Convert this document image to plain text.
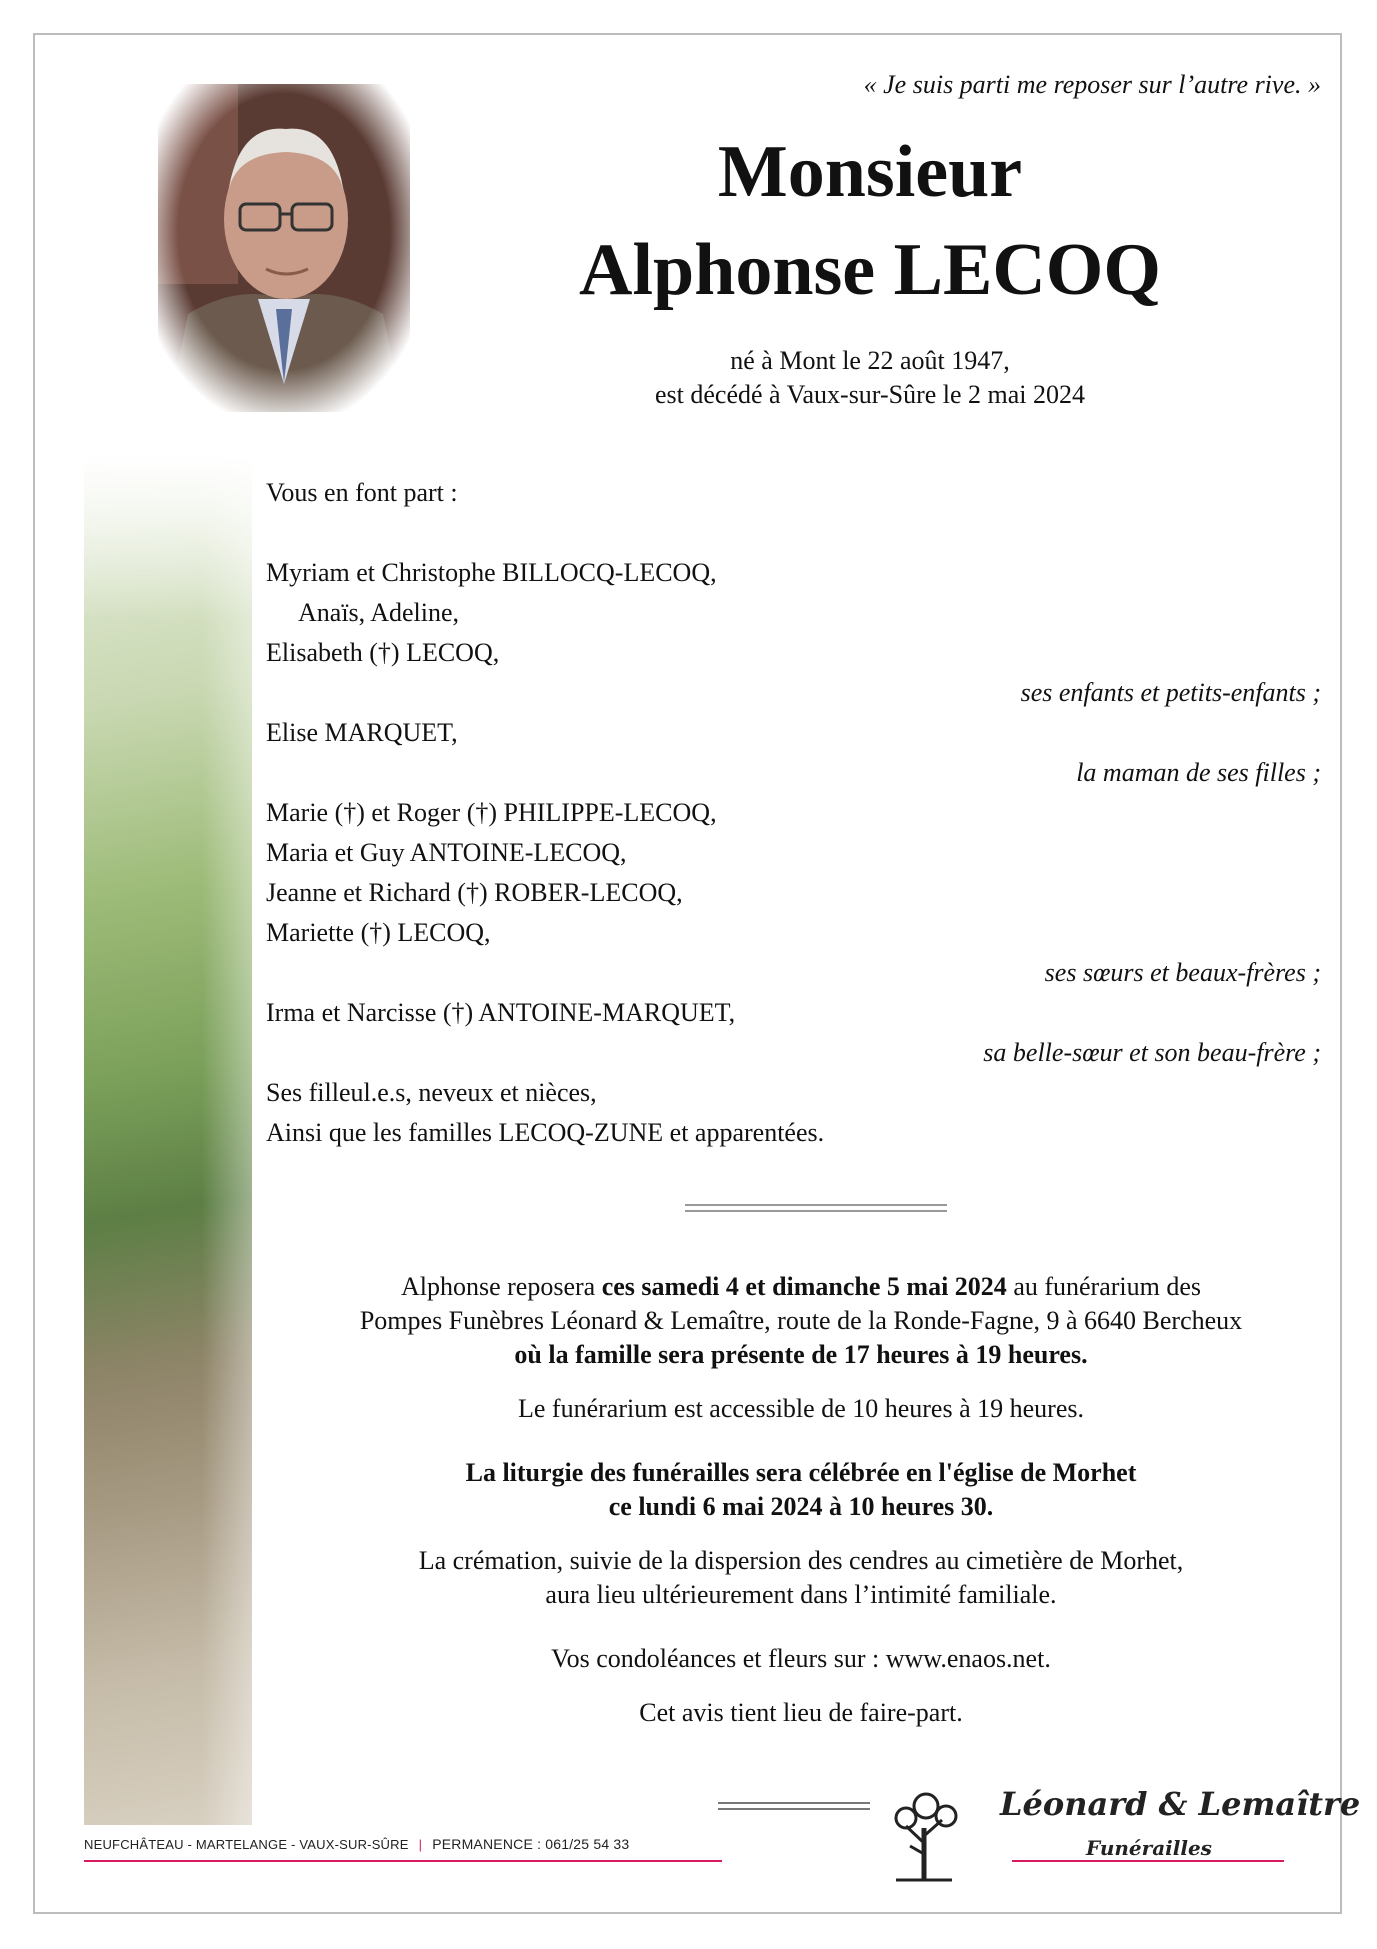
« Je suis parti me reposer sur l’autre rive. »
Monsieur
Alphonse LECOQ
né à Mont le 22 août 1947,
est décédé à Vaux-sur-Sûre le 2 mai 2024
Vous en font part :
Myriam et Christophe BILLOCQ-LECOQ,
Anaïs, Adeline,
Elisabeth (†) LECOQ,
ses enfants et petits-enfants ;
Elise MARQUET,
la maman de ses filles ;
Marie (†) et Roger (†) PHILIPPE-LECOQ,
Maria et Guy ANTOINE-LECOQ,
Jeanne et Richard (†) ROBER-LECOQ,
Mariette (†) LECOQ,
ses sœurs et beaux-frères ;
Irma et Narcisse (†) ANTOINE-MARQUET,
sa belle-sœur et son beau-frère ;
Ses filleul.e.s, neveux et nièces,
Ainsi que les familles LECOQ-ZUNE et apparentées.

Alphonse reposera ces samedi 4 et dimanche 5 mai 2024 au funérarium des
Pompes Funèbres Léonard & Lemaître, route de la Ronde-Fagne, 9 à 6640 Bercheux
où la famille sera présente de 17 heures à 19 heures.

Le funérarium est accessible de 10 heures à 19 heures.

La liturgie des funérailles sera célébrée en l'église de Morhet
ce lundi 6 mai 2024 à 10 heures 30.

La crémation, suivie de la dispersion des cendres au cimetière de Morhet,
aura lieu ultérieurement dans l’intimité familiale.

Vos condoléances et fleurs sur : www.enaos.net.

Cet avis tient lieu de faire-part.

NEUFCHÂTEAU - MARTELANGE - VAUX-SUR-SÛRE | PERMANENCE : 061/25 54 33
Léonard & Lemaître
Funérailles
